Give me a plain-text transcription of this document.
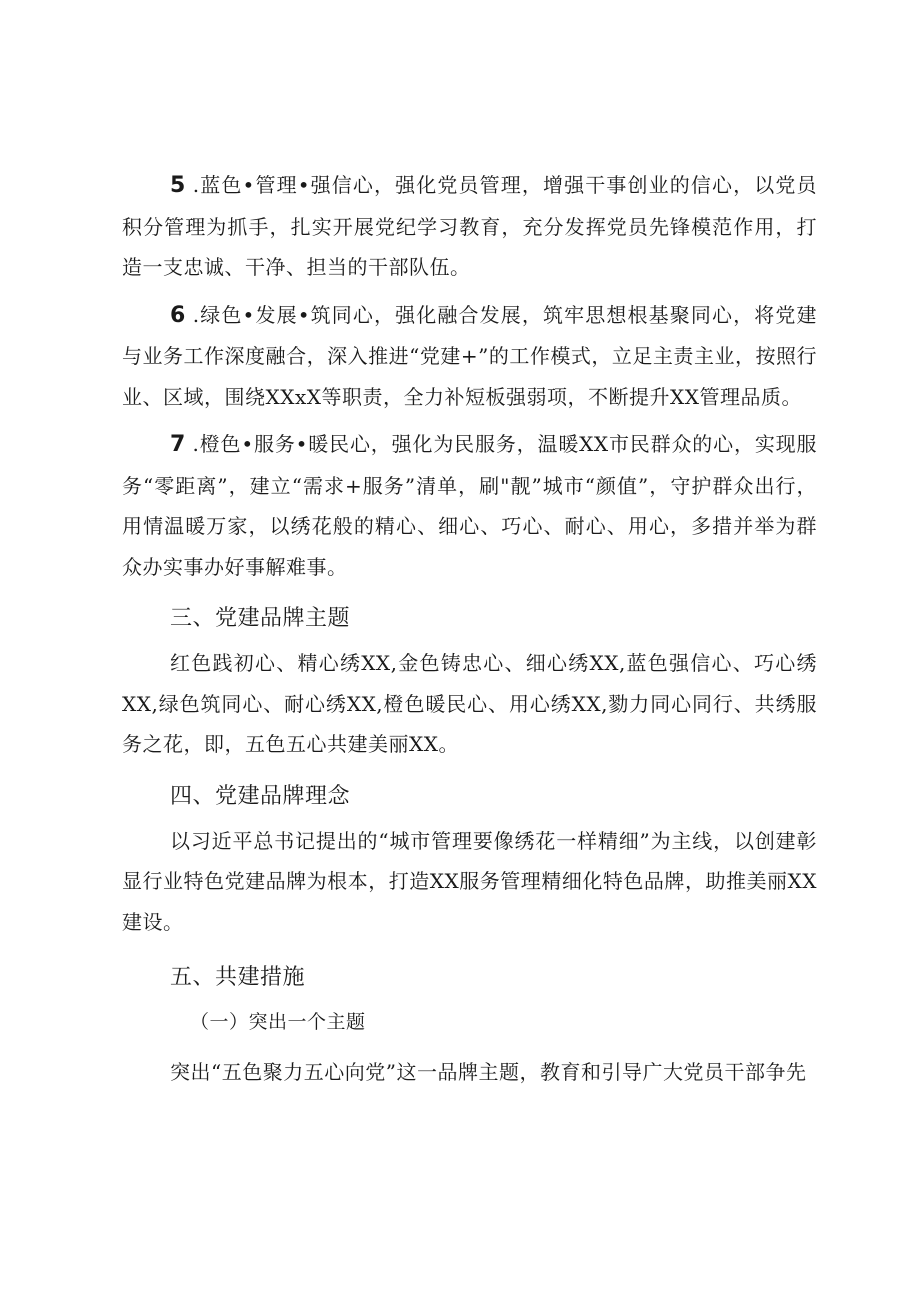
5 .蓝色•管理•强信心，强化党员管理，增强干事创业的信心，以党员积分管理为抓手，扎实开展党纪学习教育，充分发挥党员先锋模范作用，打造一支忠诚、干净、担当的干部队伍。

6 .绿色•发展•筑同心，强化融合发展，筑牢思想根基聚同心，将党建与业务工作深度融合，深入推进“党建+”的工作模式，立足主责主业，按照行业、区域，围绕XXxX等职责，全力补短板强弱项，不断提升XX管理品质。

7 .橙色•服务•暖民心，强化为民服务，温暖XX市民群众的心，实现服务“零距离”，建立“需求+服务”清单，刷"靓”城市“颜值”，守护群众出行，用情温暖万家，以绣花般的精心、细心、巧心、耐心、用心，多措并举为群众办实事办好事解难事。

三、党建品牌主题

红色践初心、精心绣XX,金色铸忠心、细心绣XX,蓝色强信心、巧心绣XX,绿色筑同心、耐心绣XX,橙色暖民心、用心绣XX,勠力同心同行、共绣服务之花，即，五色五心共建美丽XX。

四、党建品牌理念

以习近平总书记提出的“城市管理要像绣花一样精细”为主线，以创建彰显行业特色党建品牌为根本，打造XX服务管理精细化特色品牌，助推美丽XX建设。

五、共建措施

（一）突出一个主题

突出“五色聚力五心向党”这一品牌主题，教育和引导广大党员干部争先
